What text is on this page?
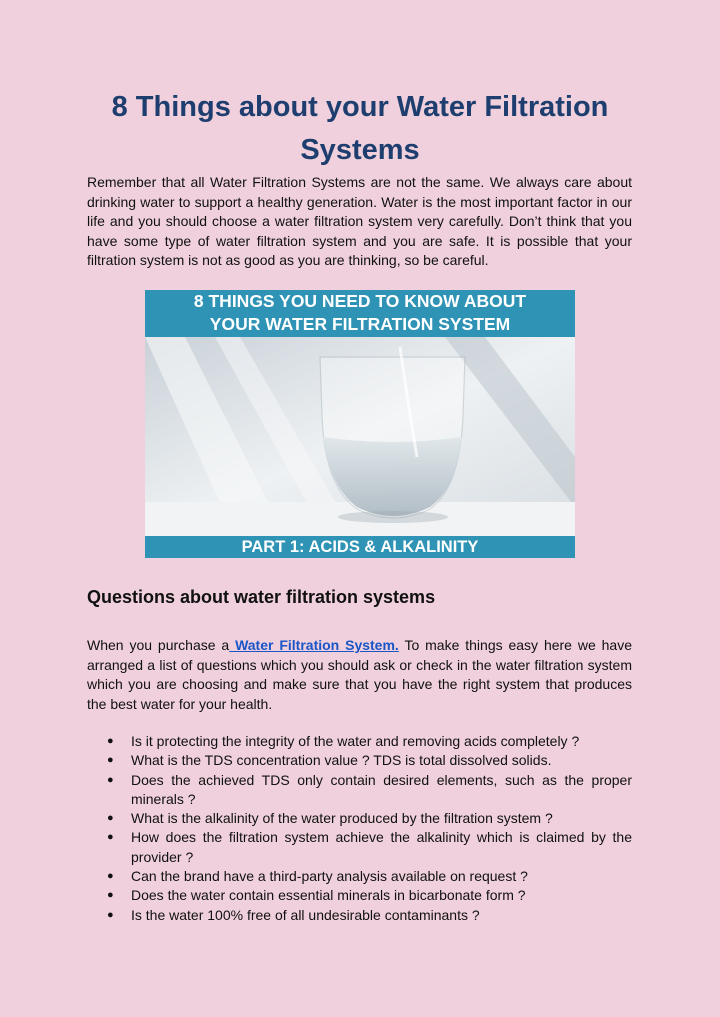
8 Things about your Water Filtration Systems

Remember that all Water Filtration Systems are not the same. We always care about drinking water to support a healthy generation. Water is the most important factor in our life and you should choose a water filtration system very carefully. Don’t think that you have some type of water filtration system and you are safe. It is possible that your filtration system is not as good as you are thinking, so be careful.

8 THINGS YOU NEED TO KNOW ABOUT
YOUR WATER FILTRATION SYSTEM
PART 1: ACIDS & ALKALINITY
Questions about water filtration systems

When you purchase a Water Filtration System. To make things easy here we have arranged a list of questions which you should ask or check in the water filtration system which you are choosing and make sure that you have the right system that produces the best water for your health.

● Is it protecting the integrity of the water and removing acids completely ?
● What is the TDS concentration value ? TDS is total dissolved solids.
● Does the achieved TDS only contain desired elements, such as the proper minerals ?
● What is the alkalinity of the water produced by the filtration system ?
● How does the filtration system achieve the alkalinity which is claimed by the provider ?
● Can the brand have a third-party analysis available on request ?
● Does the water contain essential minerals in bicarbonate form ?
● Is the water 100% free of all undesirable contaminants ?
